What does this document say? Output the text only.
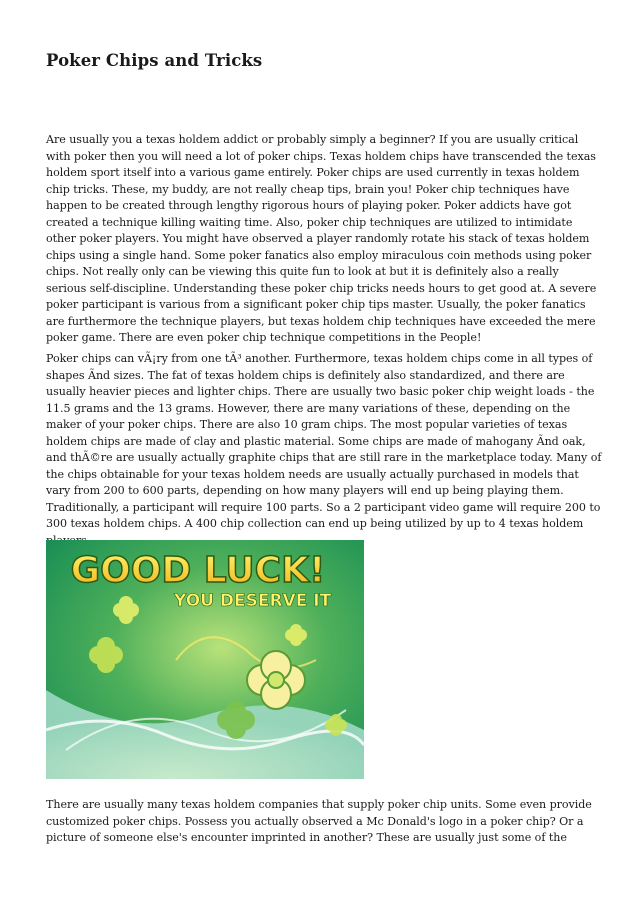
Poker Chips and Tricks

Are usually you a texas holdem addict or probably simply a beginner? If you are usually critical with poker then you will need a lot of poker chips. Texas holdem chips have transcended the texas holdem sport itself into a various game entirely. Poker chips are used currently in texas holdem chip tricks. These, my buddy, are not really cheap tips, brain you! Poker chip techniques have happen to be created through lengthy rigorous hours of playing poker. Poker addicts have got created a technique killing waiting time. Also, poker chip techniques are utilized to intimidate other poker players. You might have observed a player randomly rotate his stack of texas holdem chips using a single hand. Some poker fanatics also employ miraculous coin methods using poker chips. Not really only can be viewing this quite fun to look at but it is definitely also a really serious self-discipline. Understanding these poker chip tricks needs hours to get good at. A severe poker participant is various from a significant poker chip tips master. Usually, the poker fanatics are furthermore the technique players, but texas holdem chip techniques have exceeded the mere poker game. There are even poker chip technique competitions in the People!

Poker chips can vÃ¡ry from one tÃ³ another. Furthermore, texas holdem chips come in all types of shapes Ãnd sizes. The fat of texas holdem chips is definitely also standardized, and there are usually heavier pieces and lighter chips. There are usually two basic poker chip weight loads - the 11.5 grams and the 13 grams. However, there are many variations of these, depending on the maker of your poker chips. There are also 10 gram chips. The most popular varieties of texas holdem chips are made of clay and plastic material. Some chips are made of mahogany Ãnd oak, and thÃ©re are usually actually graphite chips that are still rare in the marketplace today. Many of the chips obtainable for your texas holdem needs are usually actually purchased in models that vary from 200 to 600 parts, depending on how many players will end up being playing them. Traditionally, a participant will require 100 parts. So a 2 participant video game will require 200 to 300 texas holdem chips. A 400 chip collection can end up being utilized by up to 4 texas holdem

GOOD LUCK!
YOU DESERVE IT

There are usually many texas holdem companies that supply poker chip units. Some even provide customized poker chips. Possess you actually observed a Mc Donald's logo in a poker chip? Or a picture of someone else's encounter imprinted in another? These are usually just some of the
